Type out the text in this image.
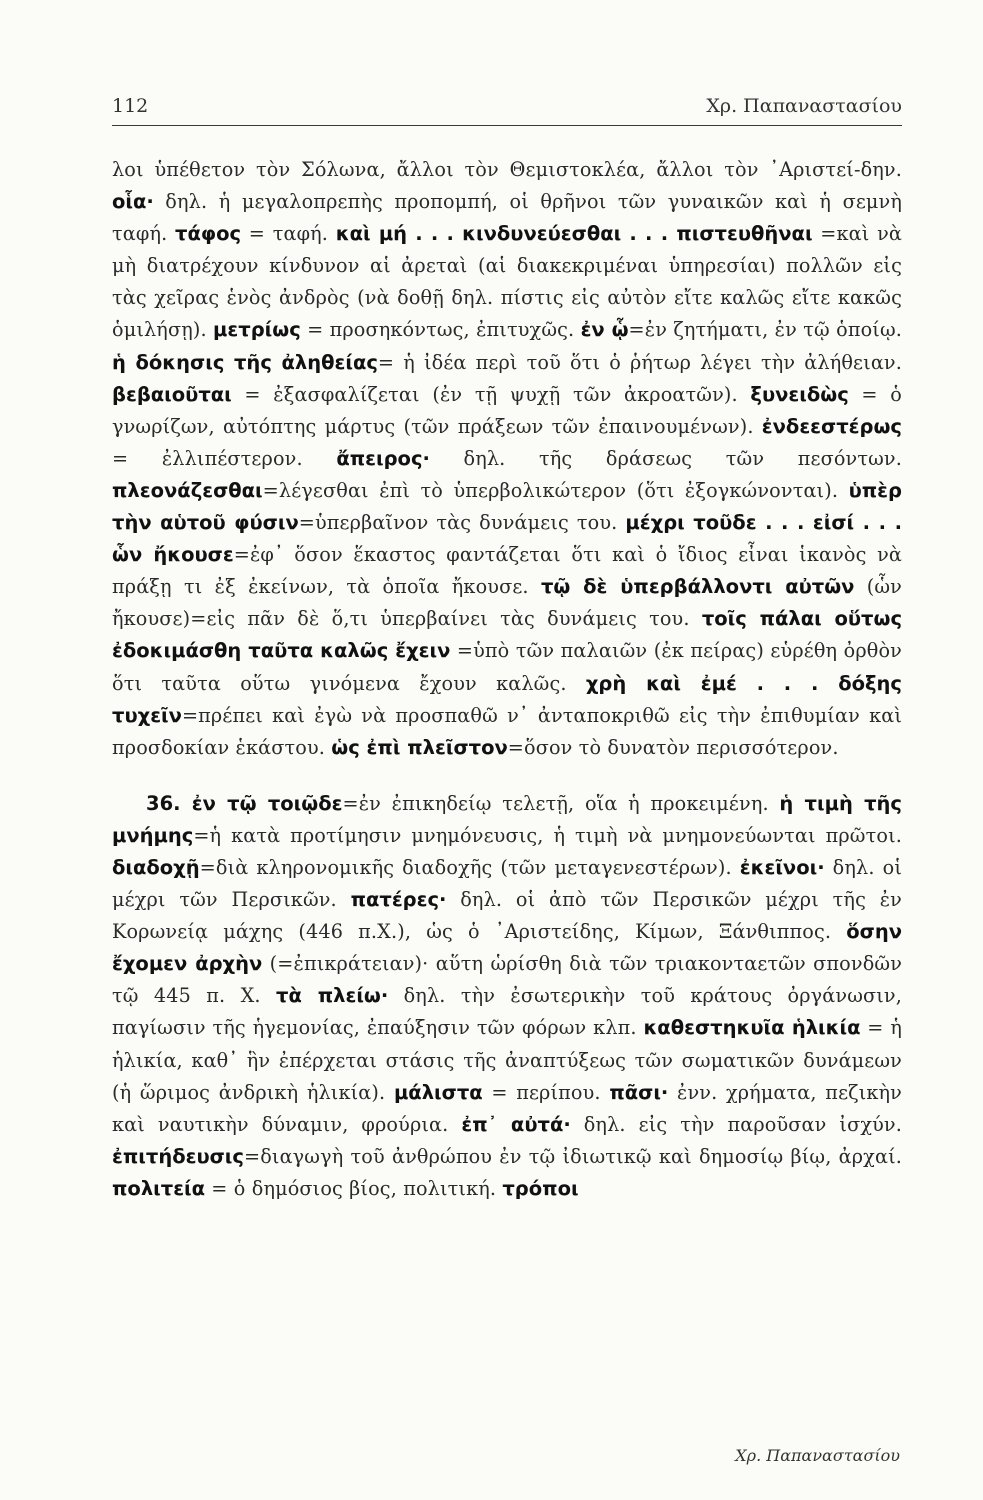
112	Χρ. Παπαναστασίου

λοι ὑπέθετον τὸν Σόλωνα, ἄλλοι τὸν Θεμιστοκλέα, ἄλλοι τὸν ᾿Αριστεί-δην. οἷα· δηλ. ἡ μεγαλοπρεπὴς προπομπή, οἱ θρῆνοι τῶν γυναικῶν καὶ ἡ σεμνὴ ταφή. τάφος = ταφή. καὶ μή . . . κινδυνεύεσθαι . . . πιστευθῆναι =καὶ νὰ μὴ διατρέχουν κίνδυνον αἱ ἀρεταὶ (αἱ διακεκριμέναι ὑπηρεσίαι) πολλῶν εἰς τὰς χεῖρας ἑνὸς ἀνδρὸς (νὰ δοθῇ δηλ. πίστις εἰς αὐτὸν εἴτε καλῶς εἴτε κακῶς ὁμιλήσῃ). μετρίως = προσηκόντως, ἐπιτυχῶς. ἐν ᾧ=ἐν ζητήματι, ἐν τῷ ὁποίῳ. ἡ δόκησις τῆς ἀληθείας= ἡ ἰδέα περὶ τοῦ ὅτι ὁ ῥήτωρ λέγει τὴν ἀλήθειαν. βεβαιοῦται = ἐξασφαλίζεται (ἐν τῇ ψυχῇ τῶν ἀκροατῶν). ξυνειδὼς = ὁ γνωρίζων, αὐτόπτης μάρτυς (τῶν πράξεων τῶν ἐπαινουμένων). ἐνδεεστέρως = ἐλλιπέστερον. ἄπειρος· δηλ. τῆς δράσεως τῶν πεσόντων. πλεονάζεσθαι=λέγεσθαι ἐπὶ τὸ ὑπερβολικώτερον (ὅτι ἐξογκώνονται). ὑπὲρ τὴν αὑτοῦ φύσιν=ὑπερβαῖνον τὰς δυνάμεις του. μέχρι τοῦδε . . . εἰσί . . . ὧν ἤκουσε=ἐφ᾽ ὅσον ἕκαστος φαντάζεται ὅτι καὶ ὁ ἴδιος εἶναι ἱκανὸς νὰ πράξῃ τι ἐξ ἐκείνων, τὰ ὁποῖα ἤκουσε. τῷ δὲ ὑπερβάλλοντι αὐτῶν (ὧν ἤκουσε)=εἰς πᾶν δὲ ὅ,τι ὑπερβαίνει τὰς δυνάμεις του. τοῖς πάλαι οὕτως ἐδοκιμάσθη ταῦτα καλῶς ἔχειν =ὑπὸ τῶν παλαιῶν (ἐκ πείρας) εὑρέθη ὀρθὸν ὅτι ταῦτα οὕτω γινόμενα ἔχουν καλῶς. χρὴ καὶ ἐμέ . . . δόξης τυχεῖν=πρέπει καὶ ἐγὼ νὰ προσπαθῶ ν᾽ ἀνταποκριθῶ εἰς τὴν ἐπιθυμίαν καὶ προσδοκίαν ἑκάστου. ὡς ἐπὶ πλεῖστον=ὅσον τὸ δυνατὸν περισσότερον.

36. ἐν τῷ τοιῷδε=ἐν ἐπικηδείῳ τελετῇ, οἵα ἡ προκειμένη. ἡ τιμὴ τῆς μνήμης=ἡ κατὰ προτίμησιν μνημόνευσις, ἡ τιμὴ νὰ μνημονεύωνται πρῶτοι. διαδοχῇ=διὰ κληρονομικῆς διαδοχῆς (τῶν μεταγενεστέρων). ἐκεῖνοι· δηλ. οἱ μέχρι τῶν Περσικῶν. πατέρες· δηλ. οἱ ἀπὸ τῶν Περσικῶν μέχρι τῆς ἐν Κορωνείᾳ μάχης (446 π.Χ.), ὡς ὁ ᾿Αριστείδης, Κίμων, Ξάνθιππος. ὅσην ἔχομεν ἀρχὴν (=ἐπικράτειαν)· αὕτη ὡρίσθη διὰ τῶν τριακονταετῶν σπονδῶν τῷ 445 π. Χ. τὰ πλείω· δηλ. τὴν ἐσωτερικὴν τοῦ κράτους ὀργάνωσιν, παγίωσιν τῆς ἡγεμονίας, ἐπαύξησιν τῶν φόρων κλπ. καθεστηκυῖα ἡλικία = ἡ ἡλικία, καθ᾽ ἣν ἐπέρχεται στάσις τῆς ἀναπτύξεως τῶν σωματικῶν δυνάμεων (ἡ ὥριμος ἀνδρικὴ ἡλικία). μάλιστα = περίπου. πᾶσι· ἐνν. χρήματα, πεζικὴν καὶ ναυτικὴν δύναμιν, φρούρια. ἐπ᾽ αὐτά· δηλ. εἰς τὴν παροῦσαν ἰσχύν. ἐπιτήδευσις=διαγωγὴ τοῦ ἀνθρώπου ἐν τῷ ἰδιωτικῷ καὶ δημοσίῳ βίῳ, ἀρχαί. πολιτεία = ὁ δημόσιος βίος, πολιτική. τρόποι

Χρ. Παπαναστασίου
